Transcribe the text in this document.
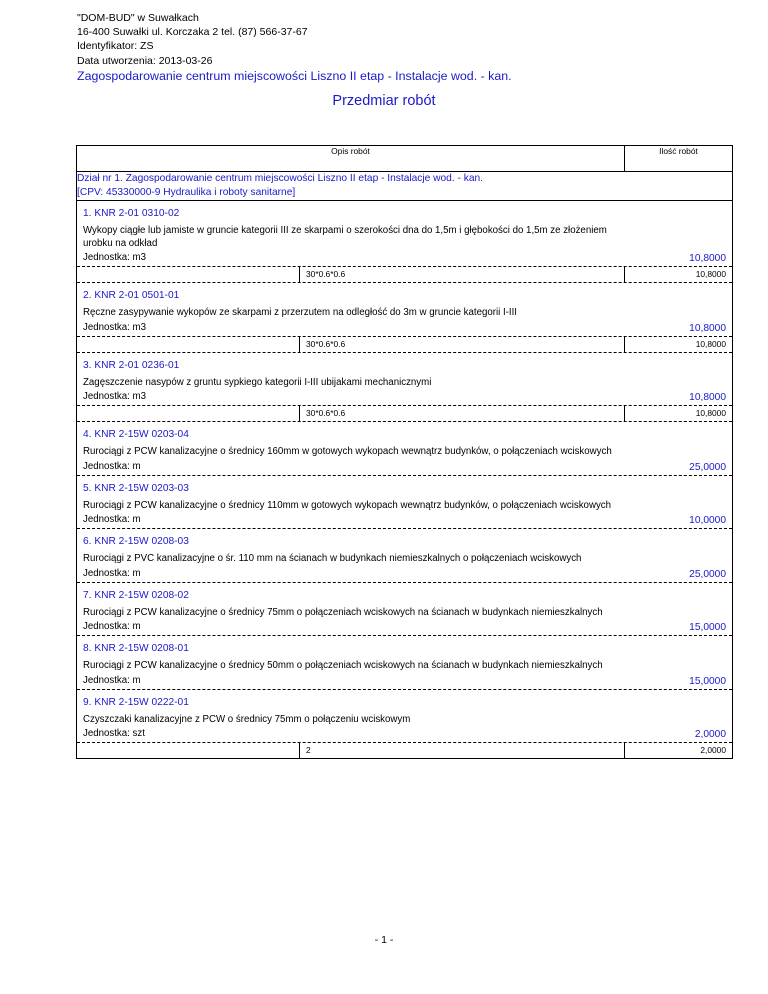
"DOM-BUD" w Suwałkach
16-400 Suwałki ul. Korczaka 2 tel. (87) 566-37-67
Identyfikator: ZS
Data utworzenia: 2013-03-26
Zagospodarowanie centrum miejscowości Liszno II etap - Instalacje wod. - kan.
Przedmiar robót
Opis robót	Ilość robót

Dział nr 1. Zagospodarowanie centrum miejscowości Liszno II etap - Instalacje wod. - kan.
[CPV: 45330000-9 Hydraulika i roboty sanitarne]

1. KNR 2-01 0310-02
Wykopy ciągłe lub jamiste w gruncie kategorii III ze skarpami o szerokości dna do 1,5m i głębokości do 1,5m ze złożeniem urobku na odkład
Jednostka: m3	10,8000
30*0.6*0.6	10,8000

2. KNR 2-01 0501-01
Ręczne zasypywanie wykopów ze skarpami z przerzutem na odległość do 3m w gruncie kategorii I-III
Jednostka: m3	10,8000
30*0.6*0.6	10,8000

3. KNR 2-01 0236-01
Zagęszczenie nasypów z gruntu sypkiego kategorii I-III ubijakami mechanicznymi
Jednostka: m3	10,8000
30*0.6*0.6	10,8000

4. KNR 2-15W 0203-04
Rurociągi z PCW kanalizacyjne o średnicy 160mm w gotowych wykopach wewnątrz budynków, o połączeniach wciskowych
Jednostka: m	25,0000

5. KNR 2-15W 0203-03
Rurociągi z PCW kanalizacyjne o średnicy 110mm w gotowych wykopach wewnątrz budynków, o połączeniach wciskowych
Jednostka: m	10,0000

6. KNR 2-15W 0208-03
Rurociągi z PVC kanalizacyjne o śr. 110 mm na ścianach w budynkach niemieszkalnych o połączeniach wciskowych
Jednostka: m	25,0000

7. KNR 2-15W 0208-02
Rurociągi z PCW kanalizacyjne o średnicy 75mm o połączeniach wciskowych na ścianach w budynkach niemieszkalnych
Jednostka: m	15,0000

8. KNR 2-15W 0208-01
Rurociągi z PCW kanalizacyjne o średnicy 50mm o połączeniach wciskowych na ścianach w budynkach niemieszkalnych
Jednostka: m	15,0000

9. KNR 2-15W 0222-01
Czyszczaki kanalizacyjne z PCW o średnicy 75mm o połączeniu wciskowym
Jednostka: szt	2,0000
2	2,0000
- 1 -
